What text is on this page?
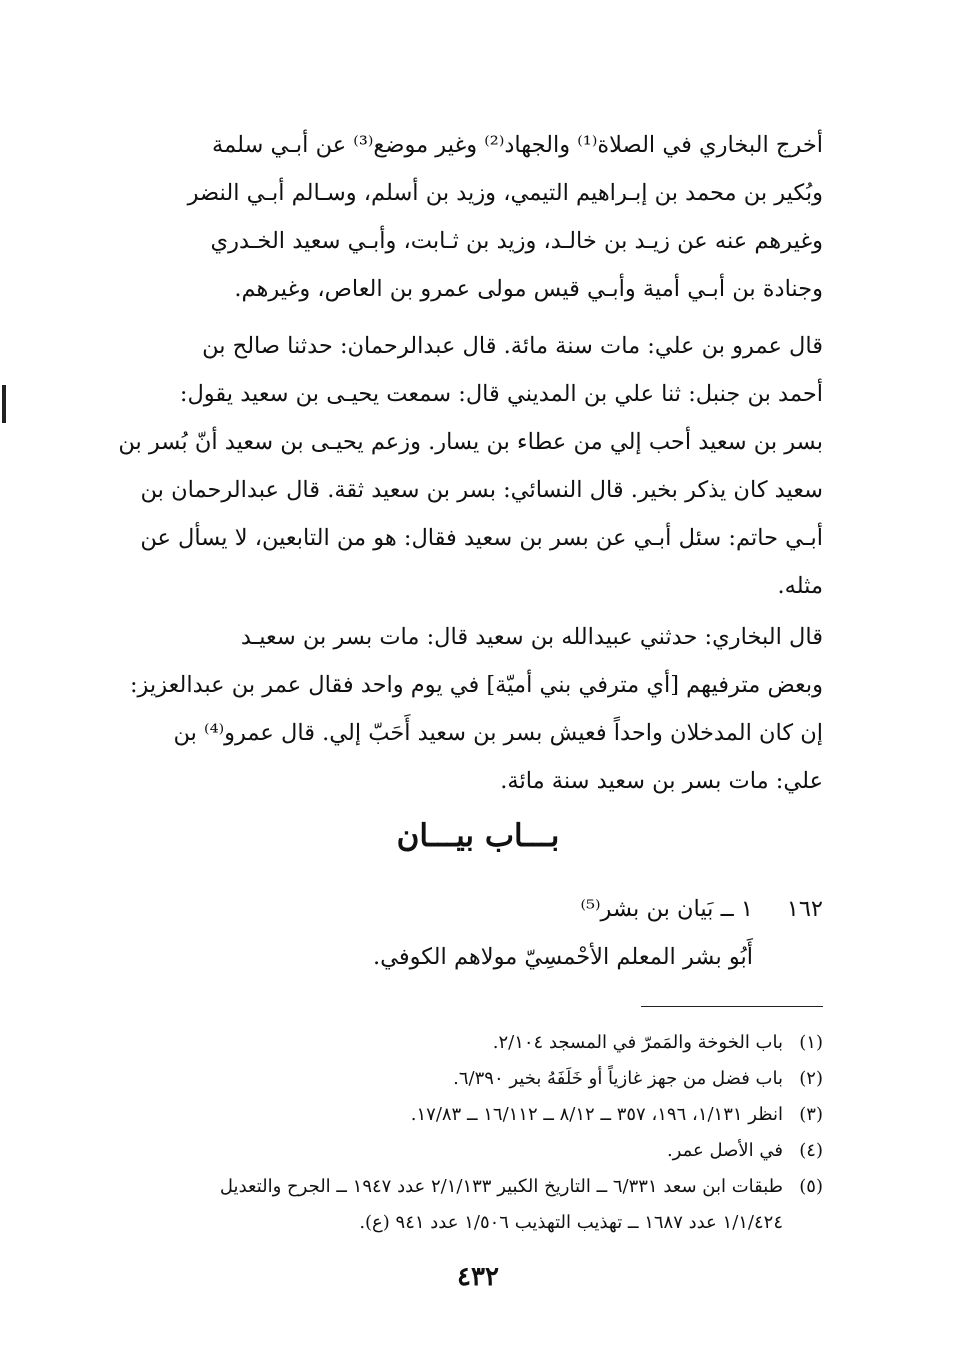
أخرج البخاري في الصلاة⁽¹⁾ والجهاد⁽²⁾ وغير موضع⁽³⁾ عن أبـي سلمة
وبُكير بن محمد بن إبـراهيم التيمي، وزيد بن أسلم، وسـالم أبـي النضر
وغيرهم عنه عن زيـد بن خالـد، وزيد بن ثـابت، وأبـي سعيد الخـدري
وجنادة بن أبـي أمية وأبـي قيس مولى عمرو بن العاص، وغيرهم.
قال عمرو بن علي: مات سنة مائة. قال عبدالرحمان: حدثنا صالح بن
أحمد بن جنبل: ثنا علي بن المديني قال: سمعت يحيـى بن سعيد يقول:
بسر بن سعيد أحب إلي من عطاء بن يسار. وزعم يحيـى بن سعيد أنّ بُسر بن
سعيد كان يذكر بخير. قال النسائي: بسر بن سعيد ثقة. قال عبدالرحمان بن
أبـي حاتم: سئل أبـي عن بسر بن سعيد فقال: هو من التابعين، لا يسأل عن
مثله.
قال البخاري: حدثني عبيدالله بن سعيد قال: مات بسر بن سعيـد
وبعض مترفيهم [أي مترفي بني أميّة] في يوم واحد فقال عمر بن عبدالعزيز:
إن كان المدخلان واحداً فعيش بسر بن سعيد أَحَبّ إلي. قال عمرو⁽⁴⁾ بن
علي: مات بسر بن سعيد سنة مائة.
بـــاب بيـــان
١٦٢١ ــ بَيان بن بشر⁽⁵⁾
أَبُو بشر المعلم الأحْمسِيّ مولاهم الكوفي.
(١)باب الخوخة والمَمرّ في المسجد ٢/١٠٤.
(٢)باب فضل من جهز غازياً أو خَلَفَهُ بخير ٦/٣٩٠.
(٣)انظر ١/١٣١، ١٩٦، ٣٥٧ ــ ٨/١٢ ــ ١٦/١١٢ ــ ١٧/٨٣.
(٤)في الأصل عمر.
(٥)طبقات ابن سعد ٦/٣٣١ ــ التاريخ الكبير ٢/١/١٣٣ عدد ١٩٤٧ ــ الجرح والتعديل
١/١/٤٢٤ عدد ١٦٨٧ ــ تهذيب التهذيب ١/٥٠٦ عدد ٩٤١ (ع).
٤٣٢
